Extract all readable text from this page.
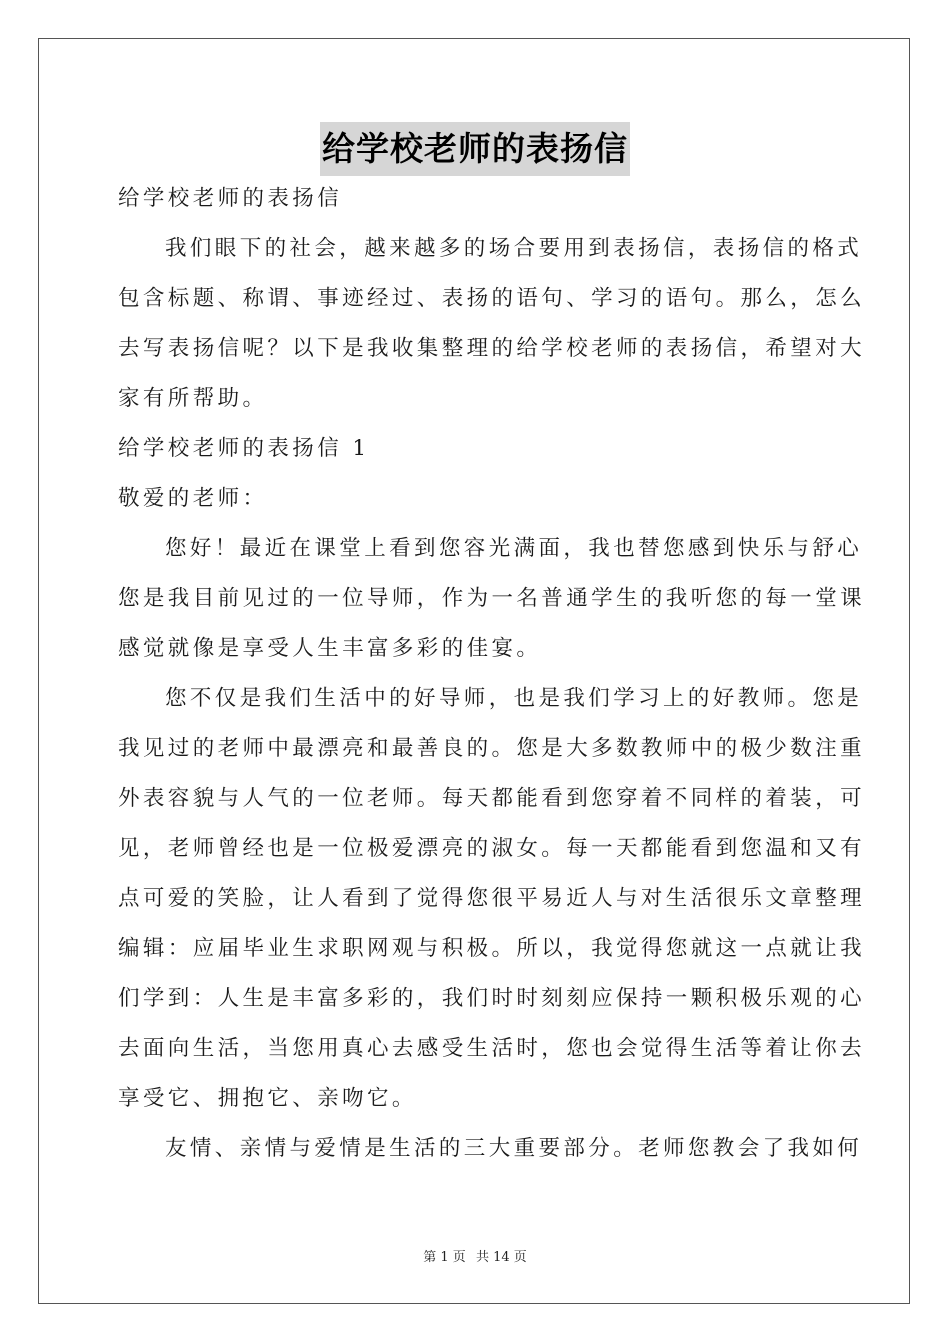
给学校老师的表扬信
给学校老师的表扬信
我们眼下的社会，越来越多的场合要用到表扬信，表扬信的格式
包含标题、称谓、事迹经过、表扬的语句、学习的语句。那么，怎么
去写表扬信呢？以下是我收集整理的给学校老师的表扬信，希望对大
家有所帮助。
给学校老师的表扬信 1
敬爱的老师：
您好！最近在课堂上看到您容光满面，我也替您感到快乐与舒心
您是我目前见过的一位导师，作为一名普通学生的我听您的每一堂课
感觉就像是享受人生丰富多彩的佳宴。
您不仅是我们生活中的好导师，也是我们学习上的好教师。您是
我见过的老师中最漂亮和最善良的。您是大多数教师中的极少数注重
外表容貌与人气的一位老师。每天都能看到您穿着不同样的着装，可
见，老师曾经也是一位极爱漂亮的淑女。每一天都能看到您温和又有
点可爱的笑脸，让人看到了觉得您很平易近人与对生活很乐文章整理
编辑：应届毕业生求职网观与积极。所以，我觉得您就这一点就让我
们学到：人生是丰富多彩的，我们时时刻刻应保持一颗积极乐观的心
去面向生活，当您用真心去感受生活时，您也会觉得生活等着让你去
享受它、拥抱它、亲吻它。
友情、亲情与爱情是生活的三大重要部分。老师您教会了我如何
第 1 页 共 14 页
